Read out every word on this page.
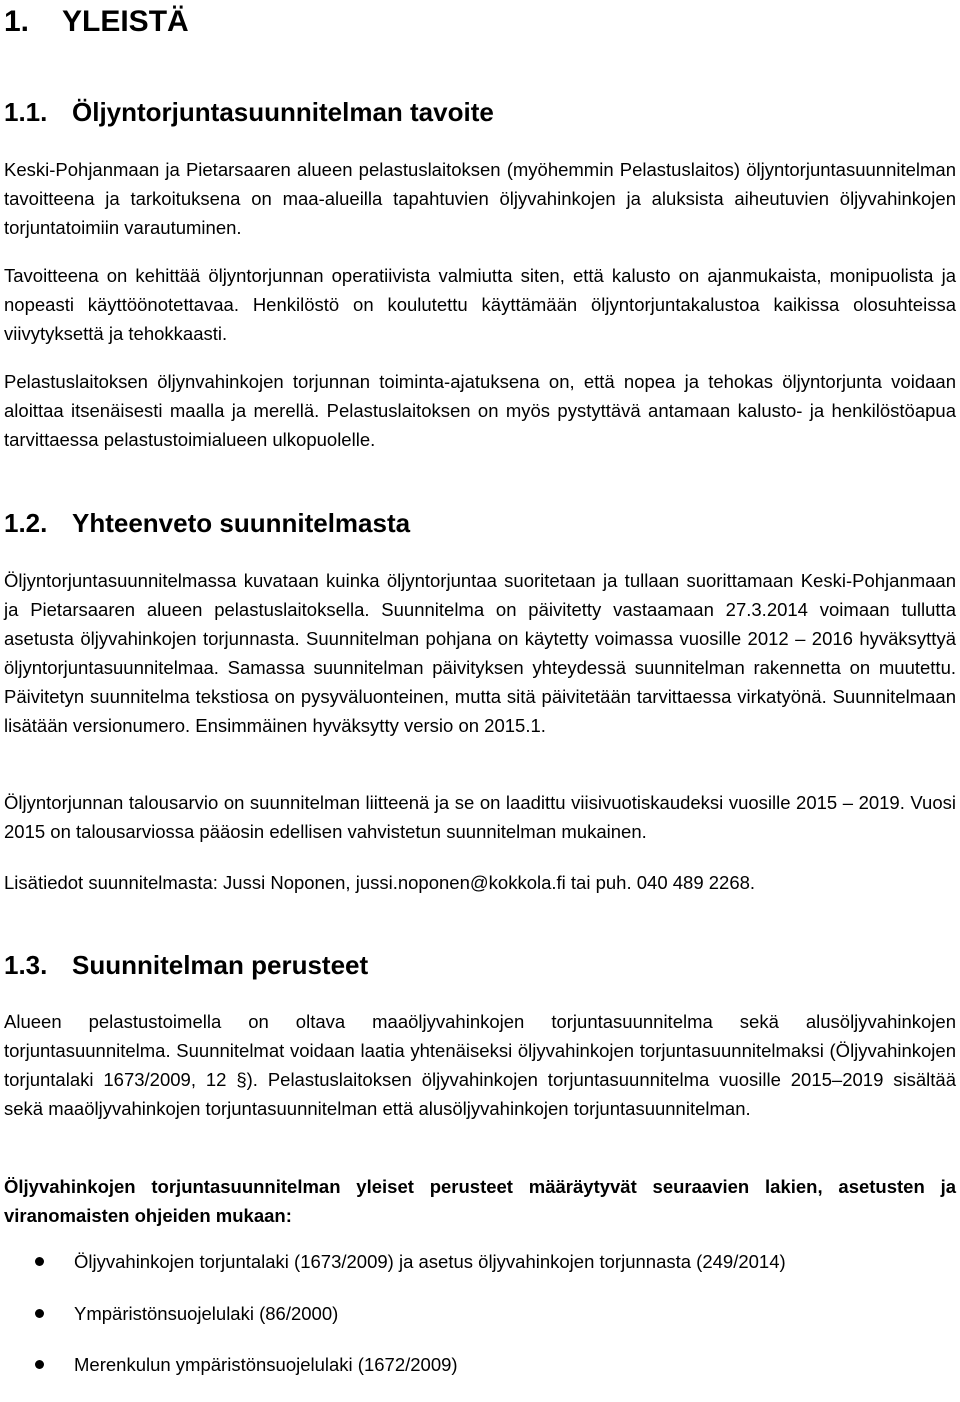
1. YLEISTÄ
1.1. Öljyntorjuntasuunnitelman tavoite

Keski-Pohjanmaan ja Pietarsaaren alueen pelastuslaitoksen (myöhemmin Pelastuslaitos) öljyntorjuntasuunnitelman tavoitteena ja tarkoituksena on maa-alueilla tapahtuvien öljyvahinkojen ja aluksista aiheutuvien öljyvahinkojen torjuntatoimiin varautuminen.

Tavoitteena on kehittää öljyntorjunnan operatiivista valmiutta siten, että kalusto on ajanmukaista, monipuolista ja nopeasti käyttöönotettavaa. Henkilöstö on koulutettu käyttämään öljyntorjuntakalustoa kaikissa olosuhteissa viivytyksettä ja tehokkaasti.

Pelastuslaitoksen öljynvahinkojen torjunnan toiminta-ajatuksena on, että nopea ja tehokas öljyntorjunta voidaan aloittaa itsenäisesti maalla ja merellä. Pelastuslaitoksen on myös pystyttävä antamaan kalusto- ja henkilöstöapua tarvittaessa pelastustoimialueen ulkopuolelle.

1.2. Yhteenveto suunnitelmasta

Öljyntorjuntasuunnitelmassa kuvataan kuinka öljyntorjuntaa suoritetaan ja tullaan suorittamaan Keski-Pohjanmaan ja Pietarsaaren alueen pelastuslaitoksella. Suunnitelma on päivitetty vastaamaan 27.3.2014 voimaan tullutta asetusta öljyvahinkojen torjunnasta. Suunnitelman pohjana on käytetty voimassa vuosille 2012 – 2016 hyväksyttyä öljyntorjuntasuunnitelmaa. Samassa suunnitelman päivityksen yhteydessä suunnitelman rakennetta on muutettu. Päivitetyn suunnitelma tekstiosa on pysyväluonteinen, mutta sitä päivitetään tarvittaessa virkatyönä. Suunnitelmaan lisätään versionumero. Ensimmäinen hyväksytty versio on 2015.1.

Öljyntorjunnan talousarvio on suunnitelman liitteenä ja se on laadittu viisivuotiskaudeksi vuosille 2015 – 2019. Vuosi 2015 on talousarviossa pääosin edellisen vahvistetun suunnitelman mukainen.

Lisätiedot suunnitelmasta: Jussi Noponen, jussi.noponen@kokkola.fi tai puh. 040 489 2268.

1.3. Suunnitelman perusteet

Alueen pelastustoimella on oltava maaöljyvahinkojen torjuntasuunnitelma sekä alusöljyvahinkojen torjuntasuunnitelma. Suunnitelmat voidaan laatia yhtenäiseksi öljyvahinkojen torjuntasuunnitelmaksi (Öljyvahinkojen torjuntalaki 1673/2009, 12 §). Pelastuslaitoksen öljyvahinkojen torjuntasuunnitelma vuosille 2015–2019 sisältää sekä maaöljyvahinkojen torjuntasuunnitelman että alusöljyvahinkojen torjuntasuunnitelman.

Öljyvahinkojen torjuntasuunnitelman yleiset perusteet määräytyvät seuraavien lakien, asetusten ja viranomaisten ohjeiden mukaan:

Öljyvahinkojen torjuntalaki (1673/2009) ja asetus öljyvahinkojen torjunnasta (249/2014)
Ympäristönsuojelulaki (86/2000)
Merenkulun ympäristönsuojelulaki (1672/2009)
